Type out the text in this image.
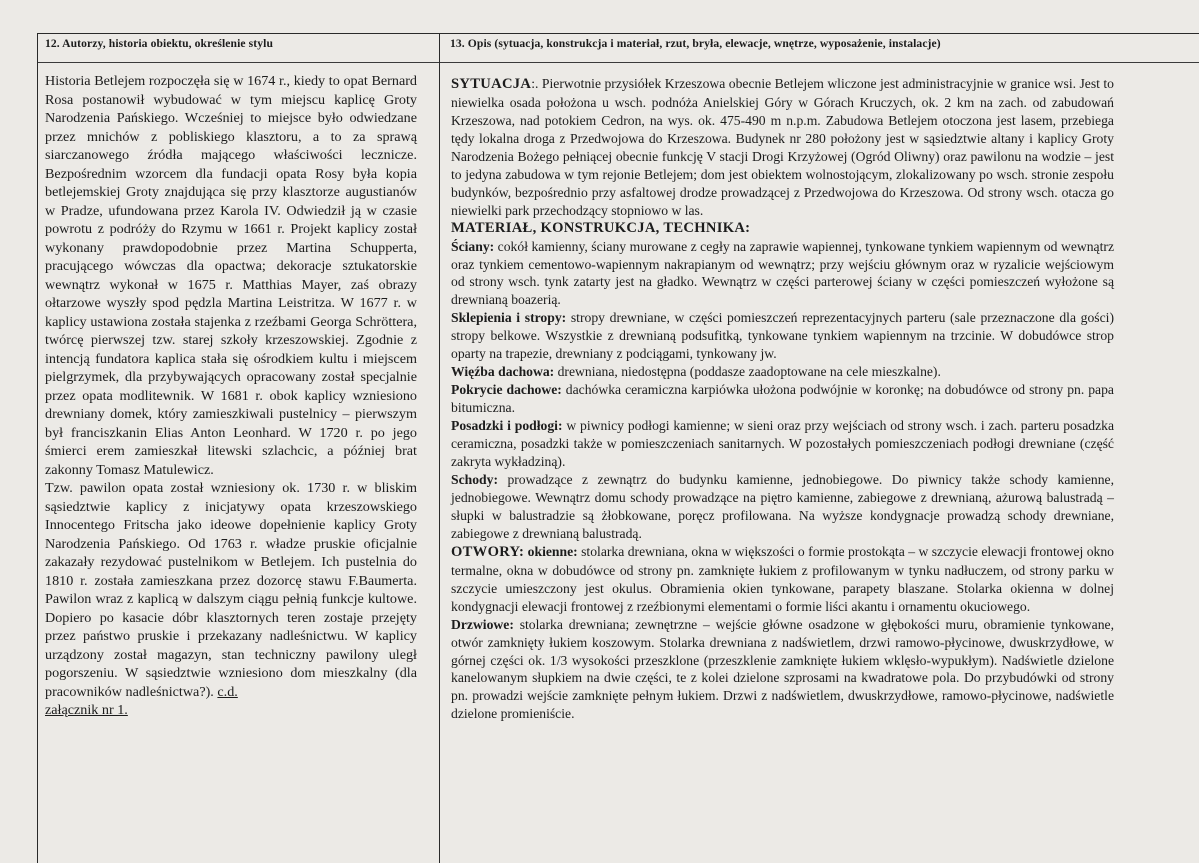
12. Autorzy, historia obiektu, określenie stylu	13. Opis (sytuacja, konstrukcja i materiał, rzut, bryła, elewacje, wnętrze, wyposażenie, instalacje)

Historia Betlejem rozpoczęła się w 1674 r., kiedy to opat Bernard Rosa postanowił wybudować w tym miejscu kaplicę Groty Narodzenia Pańskiego. Wcześniej to miejsce było odwiedzane przez mnichów z pobliskiego klasztoru, a to za sprawą siarczanowego źródła mającego właściwości lecznicze. Bezpośrednim wzorcem dla fundacji opata Rosy była kopia betlejemskiej Groty znajdująca się przy klasztorze augustianów w Pradze, ufundowana przez Karola IV. Odwiedził ją w czasie powrotu z podróży do Rzymu w 1661 r. Projekt kaplicy został wykonany prawdopodobnie przez Martina Schupperta, pracującego wówczas dla opactwa; dekoracje sztukatorskie wewnątrz wykonał w 1675 r. Matthias Mayer, zaś obrazy ołtarzowe wyszły spod pędzla Martina Leistritza. W 1677 r. w kaplicy ustawiona została stajenka z rzeźbami Georga Schröttera, twórcę pierwszej tzw. starej szkoły krzeszowskiej. Zgodnie z intencją fundatora kaplica stała się ośrodkiem kultu i miejscem pielgrzymek, dla przybywających opracowany został specjalnie przez opata modlitewnik. W 1681 r. obok kaplicy wzniesiono drewniany domek, który zamieszkiwali pustelnicy – pierwszym był franciszkanin Elias Anton Leonhard. W 1720 r. po jego śmierci erem zamieszkał litewski szlachcic, a później brat zakonny Tomasz Matulewicz.

Tzw. pawilon opata został wzniesiony ok. 1730 r. w bliskim sąsiedztwie kaplicy z inicjatywy opata krzeszowskiego Innocentego Fritscha jako ideowe dopełnienie kaplicy Groty Narodzenia Pańskiego. Od 1763 r. władze pruskie oficjalnie zakazały rezydować pustelnikom w Betlejem. Ich pustelnia do 1810 r. została zamieszkana przez dozorcę stawu F.Baumerta. Pawilon wraz z kaplicą w dalszym ciągu pełnią funkcje kultowe. Dopiero po kasacie dóbr klasztornych teren zostaje przejęty przez państwo pruskie i przekazany nadleśnictwu. W kaplicy urządzony został magazyn, stan techniczny pawilony uległ pogorszeniu. W sąsiedztwie wzniesiono dom mieszkalny (dla pracowników nadleśnictwa?). c.d.
załącznik nr 1.

SYTUACJA:. Pierwotnie przysiółek Krzeszowa obecnie Betlejem wliczone jest administracyjnie w granice wsi. Jest to niewielka osada położona u wsch. podnóża Anielskiej Góry w Górach Kruczych, ok. 2 km na zach. od zabudowań Krzeszowa, nad potokiem Cedron, na wys. ok. 475-490 m n.p.m. Zabudowa Betlejem otoczona jest lasem, przebiega tędy lokalna droga z Przedwojowa do Krzeszowa. Budynek nr 280 położony jest w sąsiedztwie altany i kaplicy Groty Narodzenia Bożego pełniącej obecnie funkcję V stacji Drogi Krzyżowej (Ogród Oliwny) oraz pawilonu na wodzie – jest to jedyna zabudowa w tym rejonie Betlejem; dom jest obiektem wolnostojącym, zlokalizowany po wsch. stronie zespołu budynków, bezpośrednio przy asfaltowej drodze prowadzącej z Przedwojowa do Krzeszowa. Od strony wsch. otacza go niewielki park przechodzący stopniowo w las.

MATERIAŁ, KONSTRUKCJA, TECHNIKA:

Ściany: cokół kamienny, ściany murowane z cegły na zaprawie wapiennej, tynkowane tynkiem wapiennym od wewnątrz oraz tynkiem cementowo-wapiennym nakrapianym od wewnątrz; przy wejściu głównym oraz w ryzalicie wejściowym od strony wsch. tynk zatarty jest na gładko. Wewnątrz w części parterowej ściany w części pomieszczeń wyłożone są drewnianą boazerią.

Sklepienia i stropy: stropy drewniane, w części pomieszczeń reprezentacyjnych parteru (sale przeznaczone dla gości) stropy belkowe. Wszystkie z drewnianą podsufitką, tynkowane tynkiem wapiennym na trzcinie. W dobudówce strop oparty na trapezie, drewniany z podciągami, tynkowany jw.

Więźba dachowa: drewniana, niedostępna (poddasze zaadoptowane na cele mieszkalne).

Pokrycie dachowe: dachówka ceramiczna karpiówka ułożona podwójnie w koronkę; na dobudówce od strony pn. papa bitumiczna.

Posadzki i podłogi: w piwnicy podłogi kamienne; w sieni oraz przy wejściach od strony wsch. i zach. parteru posadzka ceramiczna, posadzki także w pomieszczeniach sanitarnych. W pozostałych pomieszczeniach podłogi drewniane (część zakryta wykładziną).

Schody: prowadzące z zewnątrz do budynku kamienne, jednobiegowe. Do piwnicy także schody kamienne, jednobiegowe. Wewnątrz domu schody prowadzące na piętro kamienne, zabiegowe z drewnianą, ażurową balustradą – słupki w balustradzie są żłobkowane, poręcz profilowana. Na wyższe kondygnacje prowadzą schody drewniane, zabiegowe z drewnianą balustradą.

OTWORY: okienne: stolarka drewniana, okna w większości o formie prostokąta – w szczycie elewacji frontowej okno termalne, okna w dobudówce od strony pn. zamknięte łukiem z profilowanym w tynku nadłuczem, od strony parku w szczycie umieszczony jest okulus. Obramienia okien tynkowane, parapety blaszane. Stolarka okienna w dolnej kondygnacji elewacji frontowej z rzeźbionymi elementami o formie liści akantu i ornamentu okuciowego.

Drzwiowe: stolarka drewniana; zewnętrzne – wejście główne osadzone w głębokości muru, obramienie tynkowane, otwór zamknięty łukiem koszowym. Stolarka drewniana z nadświetlem, drzwi ramowo-płycinowe, dwuskrzydłowe, w górnej części ok. 1/3 wysokości przeszklone (przeszklenie zamknięte łukiem wklęsło-wypukłym). Nadświetle dzielone kanelowanym słupkiem na dwie części, te z kolei dzielone szprosami na kwadratowe pola. Do przybudówki od strony pn. prowadzi wejście zamknięte pełnym łukiem. Drzwi z nadświetlem, dwuskrzydłowe, ramowo-płycinowe, nadświetle dzielone promieniście.
